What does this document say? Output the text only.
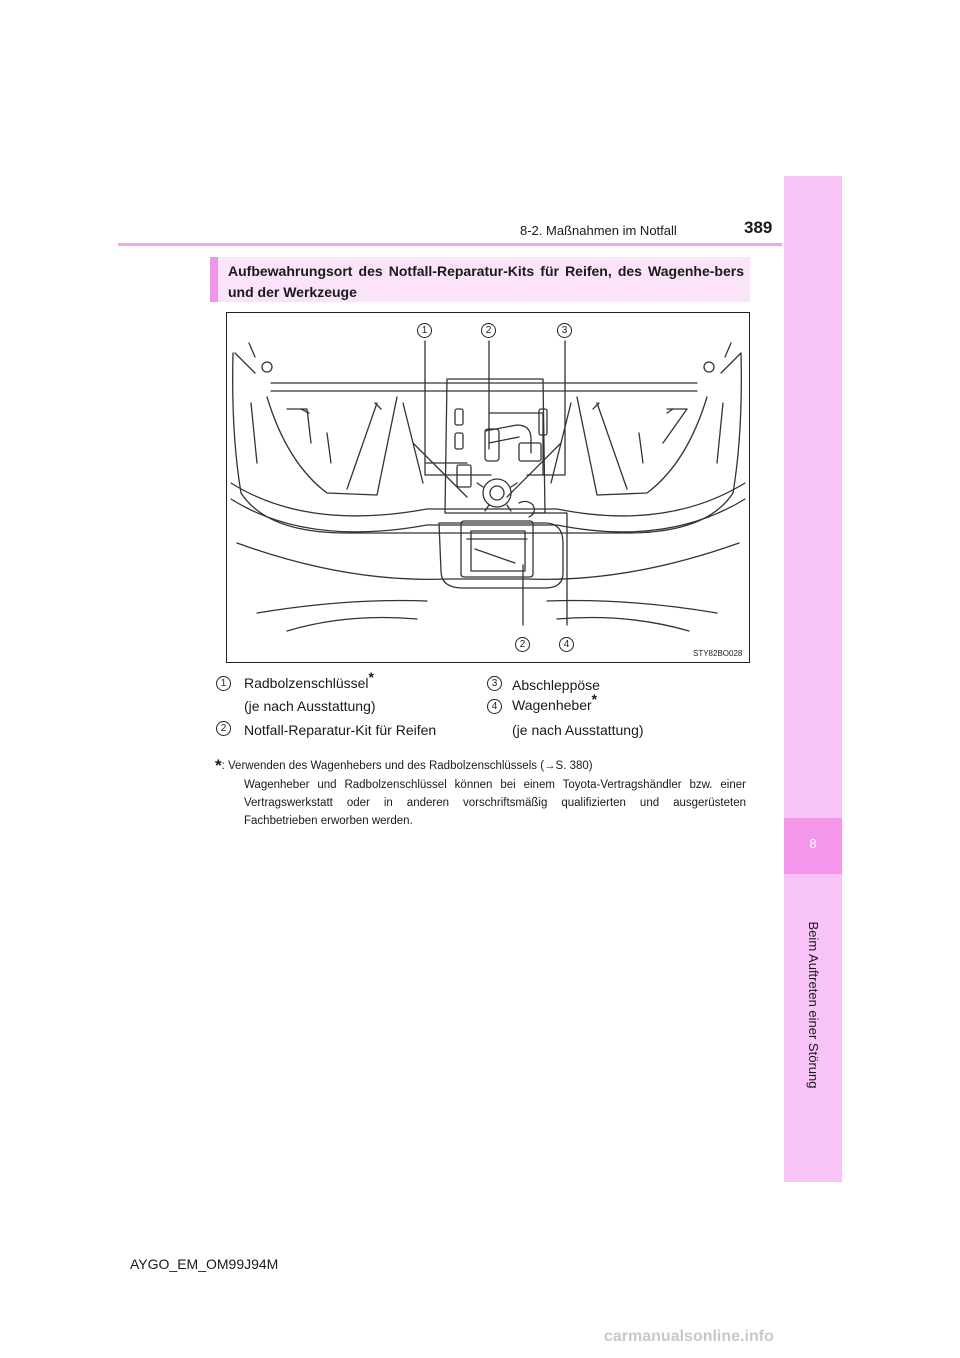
8
Beim Auftreten einer Störung
8-2. Maßnahmen im Notfall	389
Aufbewahrungsort des Notfall-Reparatur-Kits für Reifen, des Wagenhe-bers und der Werkzeuge
1	2	3
2	4
STY82BO028
1	Radbolzenschlüssel*
(je nach Ausstattung)
2	Notfall-Reparatur-Kit für Reifen
3	Abschleppöse
4	Wagenheber*
(je nach Ausstattung)
*: Verwenden des Wagenhebers und des Radbolzenschlüssels (→S. 380)
Wagenheber und Radbolzenschlüssel können bei einem Toyota-Vertragshändler bzw. einer Vertragswerkstatt oder in anderen vorschriftsmäßig qualifizierten und ausgerüsteten Fachbetrieben erworben werden.
AYGO_EM_OM99J94M
carmanualsonline.info
